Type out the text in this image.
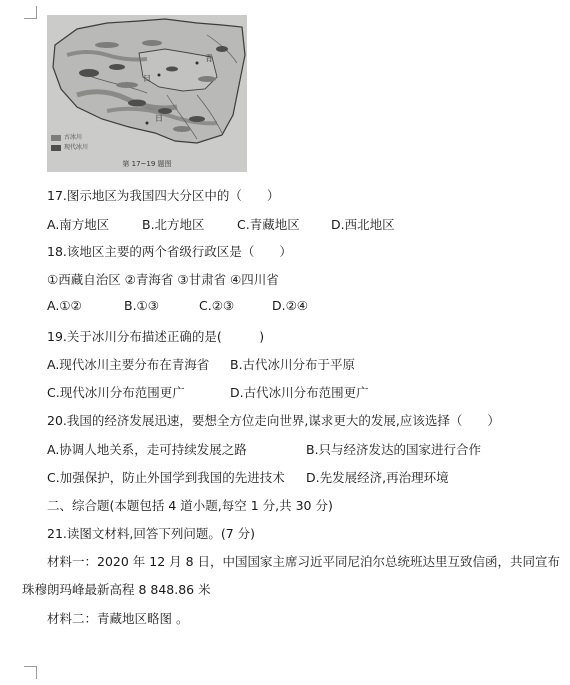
青
日
日
古冰川
现代冰川
第 17~19 题图
17.图示地区为我国四大分区中的（　　）
A.南方地区	B.北方地区	C.青藏地区	D.西北地区
18.该地区主要的两个省级行政区是（　　）
①西藏自治区 ②青海省 ③甘肃省 ④四川省
A.①②	B.①③	C.②③	D.②④
19.关于冰川分布描述正确的是(　　　)
A.现代冰川主要分布在青海省 B.古代冰川分布于平原
C.现代冰川分布范围更广	D.古代冰川分布范围更广
20.我国的经济发展迅速，要想全方位走向世界,谋求更大的发展,应该选择（　　）
A.协调人地关系，走可持续发展之路	B.只与经济发达的国家进行合作
C.加强保护，防止外国学到我国的先进技术 D.先发展经济,再治理环境
二、综合题(本题包括 4 道小题,每空 1 分,共 30 分)
21.读图文材料,回答下列问题。(7 分)
材料一：2020 年 12 月 8 日，中国国家主席习近平同尼泊尔总统班达里互致信函，共同宣布
珠穆朗玛峰最新高程 8 848.86 米
材料二：青藏地区略图 。
